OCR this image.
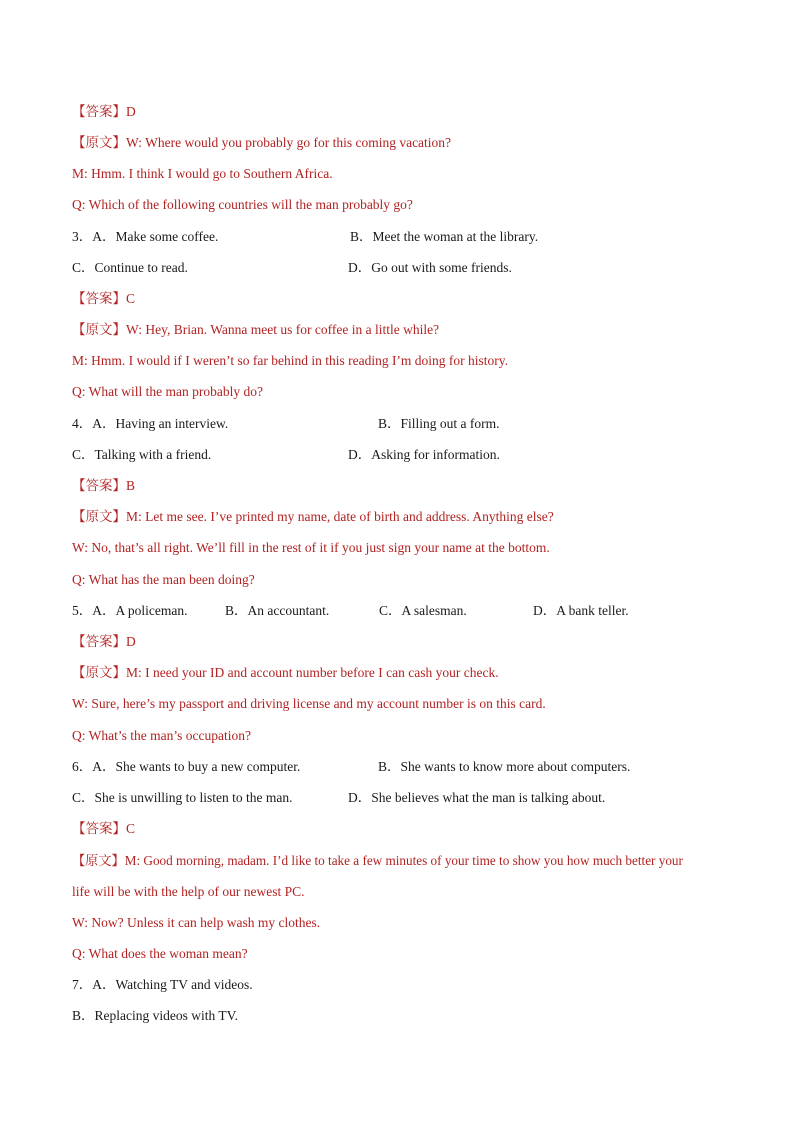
【答案】D
【原文】W: Where would you probably go for this coming vacation?
M: Hmm. I think I would go to Southern Africa.
Q: Which of the following countries will the man probably go?
3．A．Make some coffee.	B．Meet the woman at the library.
C．Continue to read.	D．Go out with some friends.
【答案】C
【原文】W: Hey, Brian. Wanna meet us for coffee in a little while?
M: Hmm. I would if I weren’t so far behind in this reading I’m doing for history.
Q: What will the man probably do?
4．A．Having an interview.	B．Filling out a form.
C．Talking with a friend.	D．Asking for information.
【答案】B
【原文】M: Let me see. I’ve printed my name, date of birth and address. Anything else?
W: No, that’s all right. We’ll fill in the rest of it if you just sign your name at the bottom.
Q: What has the man been doing?
5．A．A policeman.	B．An accountant.	C．A salesman.	D．A bank teller.
【答案】D
【原文】M: I need your ID and account number before I can cash your check.
W: Sure, here’s my passport and driving license and my account number is on this card.
Q: What’s the man’s occupation?
6．A．She wants to buy a new computer.	B．She wants to know more about computers.
C．She is unwilling to listen to the man.	D．She believes what the man is talking about.
【答案】C
【原文】M: Good morning, madam. I’d like to take a few minutes of your time to show you how much better your
life will be with the help of our newest PC.
W: Now? Unless it can help wash my clothes.
Q: What does the woman mean?
7．A．Watching TV and videos.
B．Replacing videos with TV.
